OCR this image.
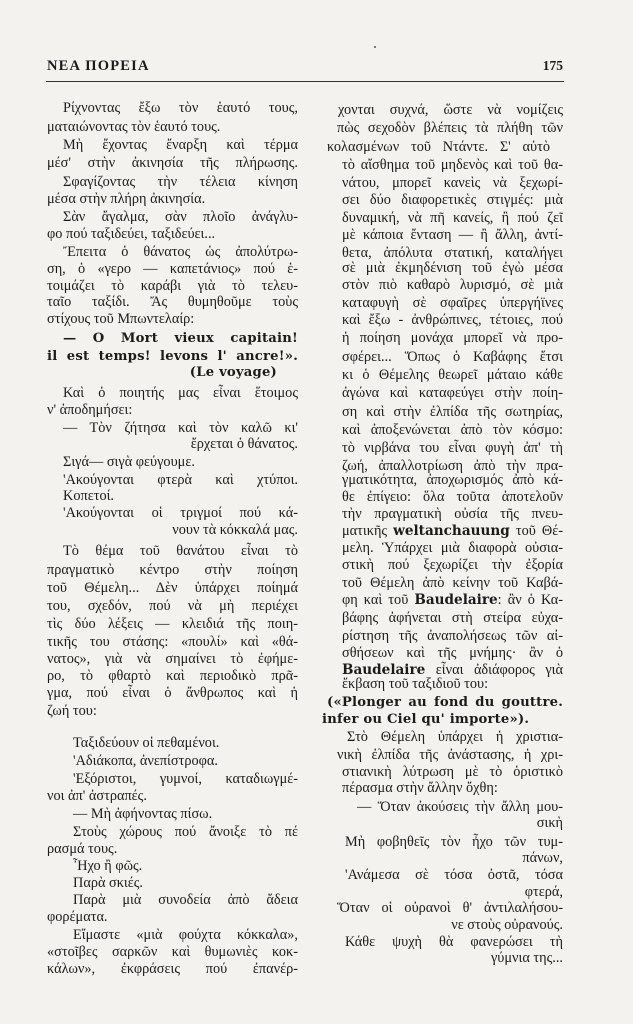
ΝΕΑ ΠΟΡΕΙΑ	175
Ρίχνοντας ἔξω τὸν ἑαυτό τους,
ματαιώνοντας τὸν ἑαυτό τους.
Μὴ ἔχοντας ἔναρξη καὶ τέρμα
μέσ' στὴν ἀκινησία τῆς πλήρωσης.
Σφαγίζοντας τὴν τέλεια κίνηση
μέσα στὴν πλήρη ἀκινησία.
Σὰν ἄγαλμα, σὰν πλοῖο ἀνάγλυ-
φο πού ταξιδεύει, ταξιδεύει...
Ἔπειτα ὁ θάνατος ὡς ἀπολύτρω-
ση, ὁ «γερο — καπετάνιος» πού ἑ-
τοιμάζει τὸ καράβι γιὰ τὸ τελευ-
ταῖο ταξίδι. Ἄς θυμηθοῦμε τοὺς
στίχους τοῦ Μπωντελαίρ:
— O Mort vieux capitain!
il est temps! levons l' ancre!».
(Le voyage)
Καὶ ὁ ποιητής μας εἶναι ἕτοιμος
ν' ἀποδημήσει:
— Τὸν ζήτησα καὶ τὸν καλῶ κι'
ἔρχεται ὁ θάνατος.
Σιγά— σιγὰ φεύγουμε.
'Ακούγονται φτερὰ καὶ χτύποι.
Κοπετοί.
'Ακούγονται οἱ τριγμοί πού κά-
νουν τὰ κόκκαλά μας.
Τὸ θέμα τοῦ θανάτου εἶναι τὸ
πραγματικὸ κέντρο στὴν ποίηση
τοῦ Θέμελη... Δὲν ὑπάρχει ποίημά
του, σχεδόν, πού νὰ μὴ περιέχει
τὶς δύο λέξεις — κλειδιά τῆς ποιη-
τικῆς του στάσης: «πουλί» καὶ «θά-
νατος», γιὰ νὰ σημαίνει τὸ ἐφήμε-
ρο, τὸ φθαρτὸ καὶ περιοδικὸ πρᾶ-
γμα, πού εἶναι ὁ ἄνθρωπος καὶ ἡ
ζωή του:
Ταξιδεύουν οἱ πεθαμένοι.
'Αδιάκοπα, ἀνεπίστροφα.
'Εξόριστοι, γυμνοί, καταδιωγμέ-
νοι ἀπ' ἀστραπές.
— Μὴ ἀφήνοντας πίσω.
Στοὺς χώρους πού ἄνοιξε τὸ πέ
ρασμά τους.
Ἦχο ἢ φῶς.
Παρὰ σκιές.
Παρὰ μιὰ συνοδεία ἀπὸ ἄδεια
φορέματα.
Εἴμαστε «μιὰ φούχτα κόκκαλα»,
«στοῖβες σαρκῶν καὶ θυμωνιὲς κοκ-
κάλων», ἐκφράσεις πού ἐπανέρ-
χονται συχνά, ὥστε νὰ νομίζεις
πὼς σεχοδὸν βλέπεις τὰ πλήθη τῶν
κολασμένων τοῦ Ντάντε. Σ' αὐτὸ
τὸ αἴσθημα τοῦ μηδενὸς καὶ τοῦ θα-
νάτου, μπορεῖ κανεὶς νὰ ξεχωρί-
σει δύο διαφορετικὲς στιγμές: μιὰ
δυναμική, νὰ πῆ κανείς, ἢ πού ζεῖ
μὲ κάποια ἔνταση — ἢ ἄλλη, ἀντί-
θετα, ἀπόλυτα στατική, καταλήγει
σὲ μιὰ ἐκμηδένιση τοῦ ἐγὼ μέσα
στὸν πιὸ καθαρὸ λυρισμό, σὲ μιὰ
καταφυγὴ σὲ σφαῖρες ὑπεργήϊνες
καὶ ἔξω - ἀνθρώπινες, τέτοιες, πού
ἡ ποίηση μονάχα μπορεῖ νὰ προ-
σφέρει... Ὅπως ὁ Καβάφης ἔτσι
κι ὁ Θέμελης θεωρεῖ μάταιο κάθε
ἀγώνα καὶ καταφεύγει στὴν ποίη-
ση καὶ στὴν ἐλπίδα τῆς σωτηρίας,
καὶ ἀποξενώνεται ἀπὸ τὸν κόσμο:
τὸ νιρβάνα του εἶναι φυγὴ ἀπ' τὴ
ζωή, ἀπαλλοτρίωση ἀπὸ τὴν πρα-
γματικότητα, ἀποχωρισμός ἀπὸ κά-
θε ἐπίγειο: ὅλα τοῦτα ἀποτελοῦν
τὴν πραγματικὴ οὐσία τῆς πνευ-
ματικῆς weltanchauung τοῦ Θέ-
μελη. Ὑπάρχει μιὰ διαφορὰ οὐσια-
στικὴ πού ξεχωρίζει τὴν ἐξορία
τοῦ Θέμελη ἀπὸ κείνην τοῦ Καβά-
φη καὶ τοῦ Baudelaire: ἂν ὁ Κα-
βάφης ἀφήνεται στὴ στείρα εὐχα-
ρίστηση τῆς ἀναπολήσεως τῶν αἰ-
σθήσεων καὶ τῆς μνήμης· ἂν ὁ
Baudelaire εἶναι ἀδιάφορος γιὰ
ἔκβαση τοῦ ταξιδιοῦ του:
(«Plonger au fond du gouttre.
infer ou Ciel qu' importe»).
Στὸ Θέμελη ὑπάρχει ἡ χριστια-
νικὴ ἐλπίδα τῆς ἀνάστασης, ἡ χρι-
στιανικὴ λύτρωση μὲ τὸ ὁριστικὸ
πέρασμα στὴν ἄλλην ὄχθη:
— Ὅταν ἀκούσεις τὴν ἄλλη μου-
σικὴ
Μὴ φοβηθεῖς τὸν ἦχο τῶν τυμ-
πάνων,
'Ανάμεσα σὲ τόσα ὀστᾶ, τόσα
φτερά,
Ὅταν οἱ οὐρανοὶ θ' ἀντιλαλήσου-
νε στοὺς οὐρανούς.
Κάθε ψυχὴ θὰ φανερώσει τὴ
γύμνια της...
